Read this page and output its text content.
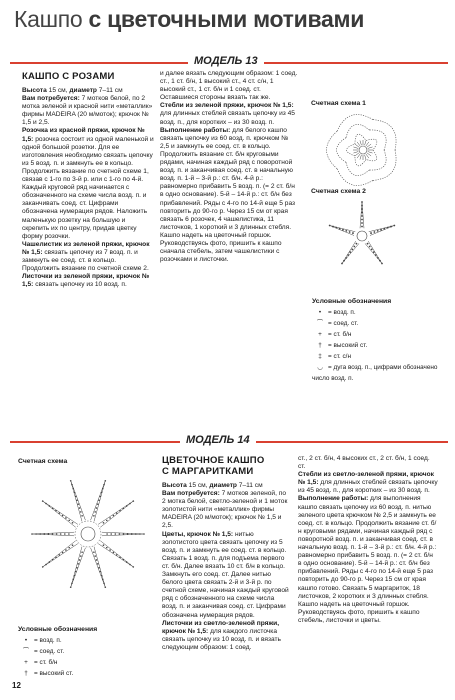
Кашпо с цветочными мотивами
МОДЕЛЬ 13
КАШПО С РОЗАМИ

Высота 15 см, диаметр 7–11 см

Вам потребуется: 7 мотков белой, по 2 мотка зеленой и красной нити «металлик» фирмы MADEIRA (20 м/моток); крючок № 1,5 и 2,5.

Розочка из красной пряжи, крючок № 1,5: розочка состоит из одной маленькой и одной большой розетки. Для ее изготовления необходимо связать цепочку из 5 возд. п. и замкнуть ее в кольцо. Продолжить вязание по счетной схеме 1, связав с 1-го по 3-й р. или с 1-го по 4-й. Каждый круговой ряд начинается с обозначенного на схеме числа возд. п. и заканчивать соед. ст. Цифрами обозначена нумерация рядов. Наложить маленькую розетку на большую и скрепить их по центру, придав цветку форму розочки.

Чашелистик из зеленой пряжи, крючок № 1,5: связать цепочку из 7 возд. п. и замкнуть ее соед. ст. в кольцо. Продолжить вязание по счетной схеме 2.

Листочки из зеленой пряжи, крючок № 1,5: связать цепочку из 10 возд. п.

и далее вязать следующим образом: 1 соед. ст., 1 ст. б/н, 1 высокий ст., 4 ст. с/н, 1 высокий ст., 1 ст. б/н и 1 соед. ст. Оставшиеся стороны вязать так же.

Стебли из зеленой пряжи, крючок № 1,5: для длинных стеблей связать цепочку из 45 возд. п., для коротких – из 30 возд. п.

Выполнение работы: для белого кашпо связать цепочку из 60 возд. п. крючком № 2,5 и замкнуть ее соед. ст. в кольцо. Продолжить вязание ст. б/н круговыми рядами, начиная каждый ряд с поворотной возд. п. и заканчивая соед. ст. в начальную возд. п. 1-й – 3-й р.: ст. б/н. 4-й р.: равномерно прибавить 5 возд. п. (= 2 ст. б/н в одно основание). 5-й – 14-й р.: ст. б/н без прибавлений. Ряды с 4-го по 14-й еще 5 раз повторить до 90-го р. Через 15 см от края связать 6 розочек, 4 чашелистика, 11 листочков, 1 короткий и 3 длинных стебля. Кашпо надеть на цветочный горшок. Руководствуясь фото, пришить к кашпо сначала стебель, затем чашелистики с розочками и листочки.

Счетная схема 1
Счетная схема 2
Условные обозначения
• = возд. п.
⁀ = соед. ст.
+ = ст. б/н
† = высокий ст.
‡ = ст. с/н
◡ = дуга возд. п., цифрами обозначено число возд. п.
МОДЕЛЬ 14
Счетная схема
Условные обозначения
• = возд. п.
⁀ = соед. ст.
+ = ст. б/н
† = высокий ст.
ЦВЕТОЧНОЕ КАШПО
С МАРГАРИТКАМИ

Высота 15 см, диаметр 7–11 см

Вам потребуется: 7 мотков зеленой, по 2 мотка белой, светло-зеленой и 1 моток золотистой нити «металлик» фирмы MADEIRA (20 м/моток); крючок № 1,5 и 2,5.

Цветы, крючок № 1,5: нитью золотистого цвета связать цепочку из 5 возд. п. и замкнуть ее соед. ст. в кольцо. Связать 1 возд. п. для подъема первого ст. б/н. Далее вязать 10 ст. б/н в кольцо. Замкнуть его соед. ст. Далее нитью белого цвета связать 2-й и 3-й р. по счетной схеме, начиная каждый круговой ряд с обозначенного на схеме числа возд. п. и заканчивая соед. ст. Цифрами обозначена нумерация рядов.

Листочки из светло-зеленой пряжи, крючок № 1,5: для каждого листочка связать цепочку из 10 возд. п. и вязать следующим образом: 1 соед.

ст., 2 ст. б/н, 4 высоких ст., 2 ст. б/н, 1 соед. ст.

Стебли из светло-зеленой пряжи, крючок № 1,5: для длинных стеблей связать цепочку из 45 возд. п., для коротких – из 30 возд. п.

Выполнение работы: для выполнения кашпо связать цепочку из 60 возд. п. нитью зеленого цвета крючком № 2,5 и замкнуть ее соед. ст. в кольцо. Продолжить вязание ст. б/н круговыми рядами, начиная каждый ряд с поворотной возд. п. и заканчивая соед. ст. в начальную возд. п. 1-й – 3-й р.: ст. б/н. 4-й р.: равномерно прибавить 5 возд. п. (= 2 ст. б/н в одно основание). 5-й – 14-й р.: ст. б/н без прибавлений. Ряды с 4-го по 14-й еще 5 раз повторить до 90-го р. Через 15 см от края кашпо готово. Связать 5 маргариток, 18 листочков, 2 коротких и 3 длинных стебля. Кашпо надеть на цветочный горшок. Руководствуясь фото, пришить к кашпо стебель, листочки и цветы.

12
